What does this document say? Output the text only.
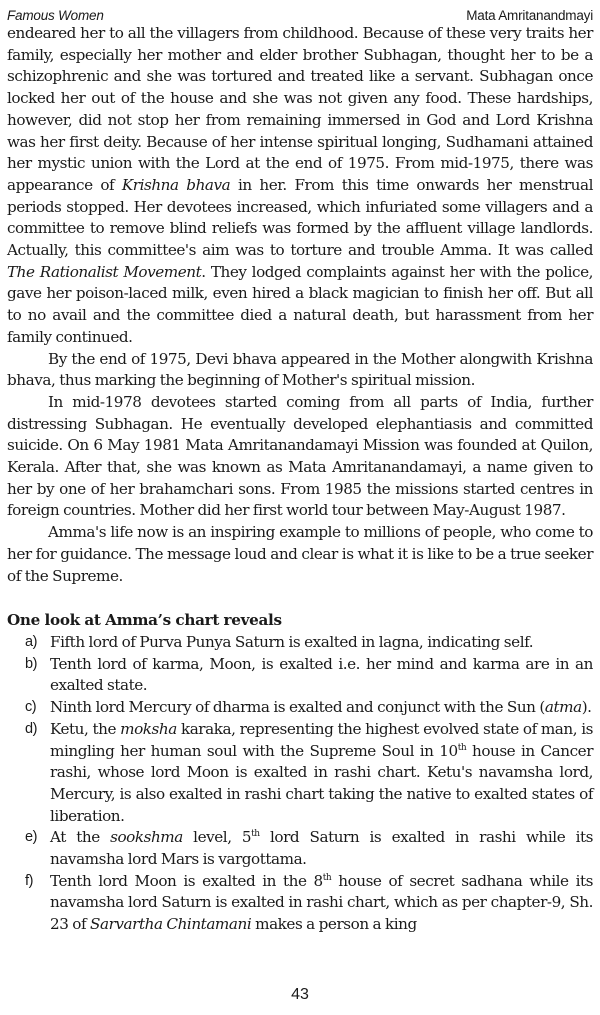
Famous Women	Mata Amritanandmayi

endeared her to all the villagers from childhood. Because of these very traits her family, especially her mother and elder brother Subhagan, thought her to be a schizophrenic and she was tortured and treated like a servant. Subhagan once locked her out of the house and she was not given any food. These hardships, however, did not stop her from remaining immersed in God and Lord Krishna was her first deity. Because of her intense spiritual longing, Sudhamani attained her mystic union with the Lord at the end of 1975. From mid-1975, there was appearance of Krishna bhava in her. From this time onwards her menstrual periods stopped. Her devotees increased, which infuriated some villagers and a committee to remove blind reliefs was formed by the affluent village landlords. Actually, this committee's aim was to torture and trouble Amma. It was called The Rationalist Movement. They lodged complaints against her with the police, gave her poison-laced milk, even hired a black magician to finish her off. But all to no avail and the committee died a natural death, but harassment from her family continued.

By the end of 1975, Devi bhava appeared in the Mother alongwith Krishna bhava, thus marking the beginning of Mother's spiritual mission.

In mid-1978 devotees started coming from all parts of India, further distressing Subhagan. He eventually developed elephantiasis and committed suicide. On 6 May 1981 Mata Amritanandamayi Mission was founded at Quilon, Kerala. After that, she was known as Mata Amritanandamayi, a name given to her by one of her brahamchari sons. From 1985 the missions started centres in foreign countries. Mother did her first world tour between May-August 1987.

Amma's life now is an inspiring example to millions of people, who come to her for guidance. The message loud and clear is what it is like to be a true seeker of the Supreme.

One look at Amma’s chart reveals
a) Fifth lord of Purva Punya Saturn is exalted in lagna, indicating self.
b) Tenth lord of karma, Moon, is exalted i.e. her mind and karma are in an exalted state.
c) Ninth lord Mercury of dharma is exalted and conjunct with the Sun (atma).
d) Ketu, the moksha karaka, representing the highest evolved state of man, is mingling her human soul with the Supreme Soul in 10th house in Cancer rashi, whose lord Moon is exalted in rashi chart. Ketu's navamsha lord, Mercury, is also exalted in rashi chart taking the native to exalted states of liberation.
e) At the sookshma level, 5th lord Saturn is exalted in rashi while its navamsha lord Mars is vargottama.
f)	Tenth lord Moon is exalted in the 8th house of secret sadhana while its navamsha lord Saturn is exalted in rashi chart, which as per chapter-9, Sh. 23 of Sarvartha Chintamani makes a person a king
43
